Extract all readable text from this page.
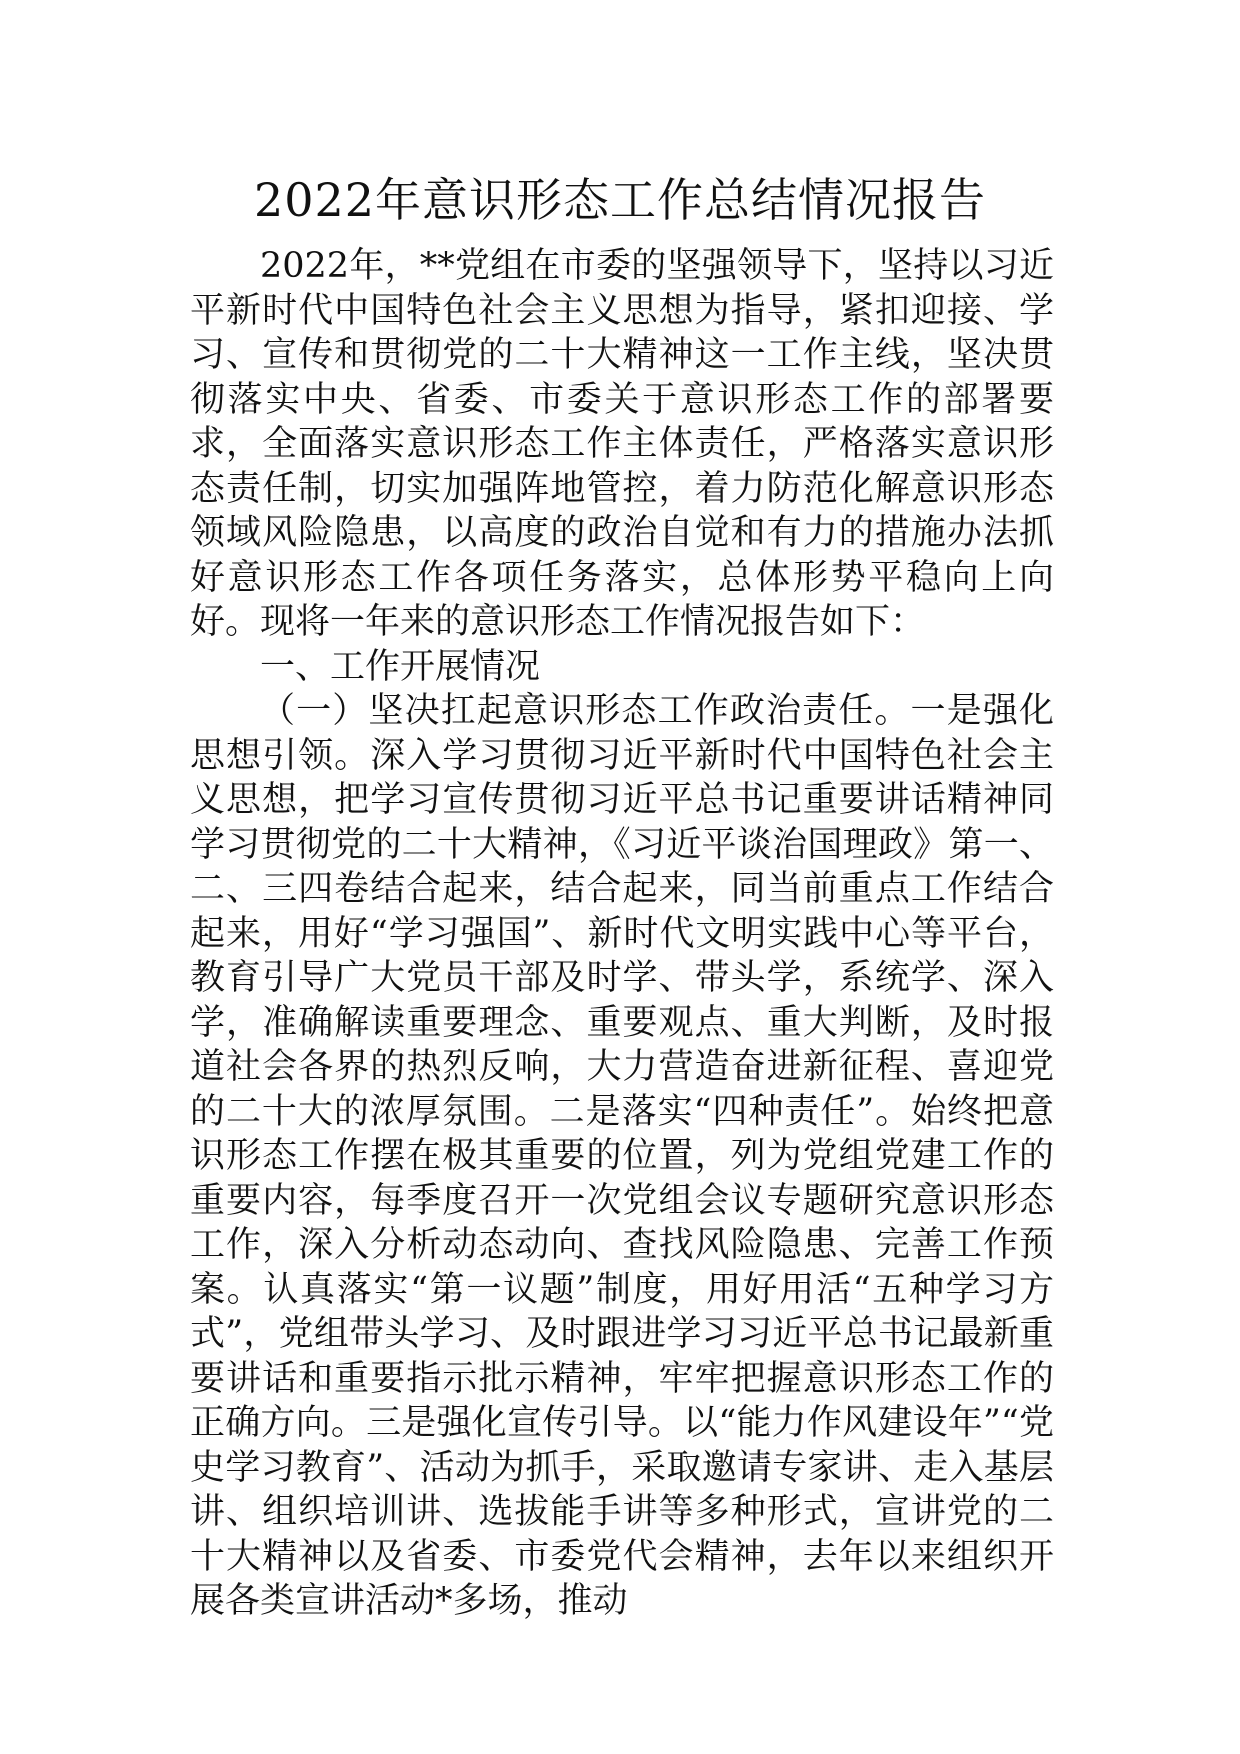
2022年意识形态工作总结情况报告

2022年，**党组在市委的坚强领导下，坚持以习近平新时代中国特色社会主义思想为指导，紧扣迎接、学习、宣传和贯彻党的二十大精神这一工作主线，坚决贯彻落实中央、省委、市委关于意识形态工作的部署要求，全面落实意识形态工作主体责任，严格落实意识形态责任制，切实加强阵地管控，着力防范化解意识形态领域风险隐患，以高度的政治自觉和有力的措施办法抓好意识形态工作各项任务落实，总体形势平稳向上向好。现将一年来的意识形态工作情况报告如下：

一、工作开展情况

（一）坚决扛起意识形态工作政治责任。一是强化思想引领。深入学习贯彻习近平新时代中国特色社会主义思想，把学习宣传贯彻习近平总书记重要讲话精神同学习贯彻党的二十大精神，《习近平谈治国理政》第一、二、三四卷结合起来，结合起来，同当前重点工作结合起来，用好“学习强国”、新时代文明实践中心等平台，教育引导广大党员干部及时学、带头学，系统学、深入学，准确解读重要理念、重要观点、重大判断，及时报道社会各界的热烈反响，大力营造奋进新征程、喜迎党的二十大的浓厚氛围。二是落实“四种责任”。始终把意识形态工作摆在极其重要的位置，列为党组党建工作的重要内容，每季度召开一次党组会议专题研究意识形态工作，深入分析动态动向、查找风险隐患、完善工作预案。认真落实“第一议题”制度，用好用活“五种学习方式”，党组带头学习、及时跟进学习习近平总书记最新重要讲话和重要指示批示精神，牢牢把握意识形态工作的正确方向。三是强化宣传引导。以“能力作风建设年”“党史学习教育”、活动为抓手，采取邀请专家讲、走入基层讲、组织培训讲、选拔能手讲等多种形式，宣讲党的二十大精神以及省委、市委党代会精神，去年以来组织开展各类宣讲活动*多场，推动
